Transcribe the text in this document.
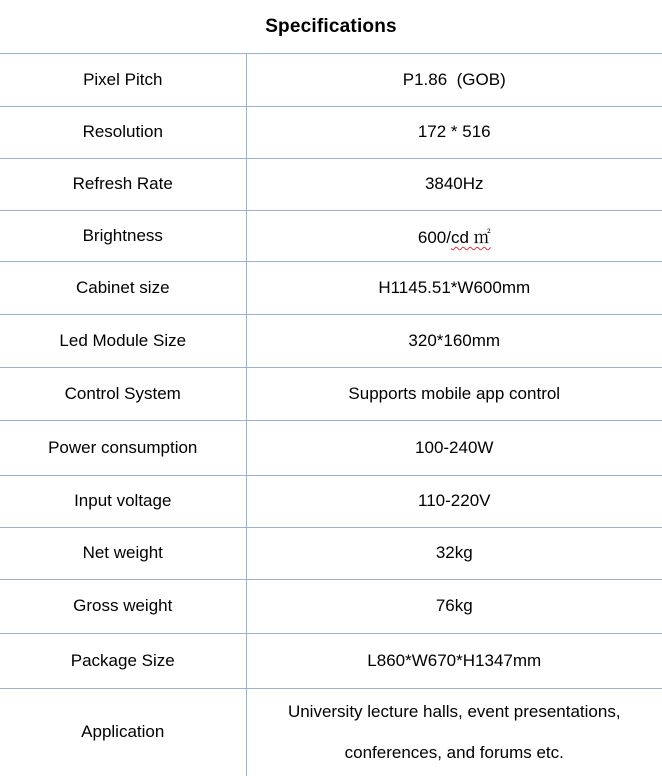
Specifications
Pixel Pitch	P1.86  (GOB)
Resolution	172 * 516
Refresh Rate	3840Hz
Brightness	600/cd ㎡
Cabinet size	H1145.51*W600mm
Led Module Size	320*160mm
Control System	Supports mobile app control
Power consumption	100-240W
Input voltage	110-220V
Net weight	32kg
Gross weight	76kg
Package Size	L860*W670*H1347mm
Application	University lecture halls, event presentations,
conferences, and forums etc.
